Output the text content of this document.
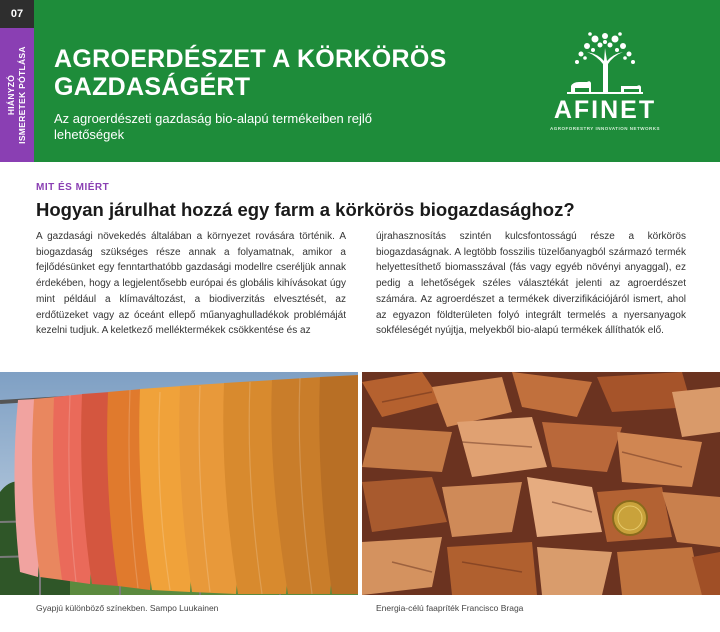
07
HIÁNYZÓ
ISMERETEK PÓTLÁSA AGROERDÉSZET A KÖRKÖRÖS GAZDASÁGÉRT
Az agroerdészeti gazdaság bio-alapú termékeiben rejlő lehetőségek
AFINET
AGROFORESTRY INNOVATION NETWORKS
MIT ÉS MIÉRT
Hogyan járulhat hozzá egy farm a körkörös biogazdasághoz?
A gazdasági növekedés általában a környezet rovására történik. A biogazdaság szükséges része annak a folyamatnak, amikor a fejlődésünket egy fenntarthatóbb gazdasági modellre cseréljük annak érdekében, hogy a legjelentősebb európai és globális kihívásokat úgy mint például a klímaváltozást, a biodiverzitás elvesztését, az erdőtüzeket vagy az óceánt ellepő műanyaghulladékok problémáját kezelni tudjuk. A keletkező melléktermékek csökkentése és az
újrahasznosítás szintén kulcsfontosságú része a körkörös biogazdaságnak. A legtöbb fosszilis tüzelőanyagból származó termék helyettesíthető biomasszával (fás vagy egyéb növényi anyaggal), ez pedig a lehetőségek széles választékát jelenti az agroerdészet számára. Az agroerdészet a termékek diverzifikációjáról ismert, ahol az egyazon földterületen folyó integrált termelés a nyersanyagok sokféleségét nyújtja, melyekből bio-alapú termékek állíthatók elő.
Gyapjú különböző színekben. Sampo Luukainen	Energia-célú faapríték Francisco Braga
